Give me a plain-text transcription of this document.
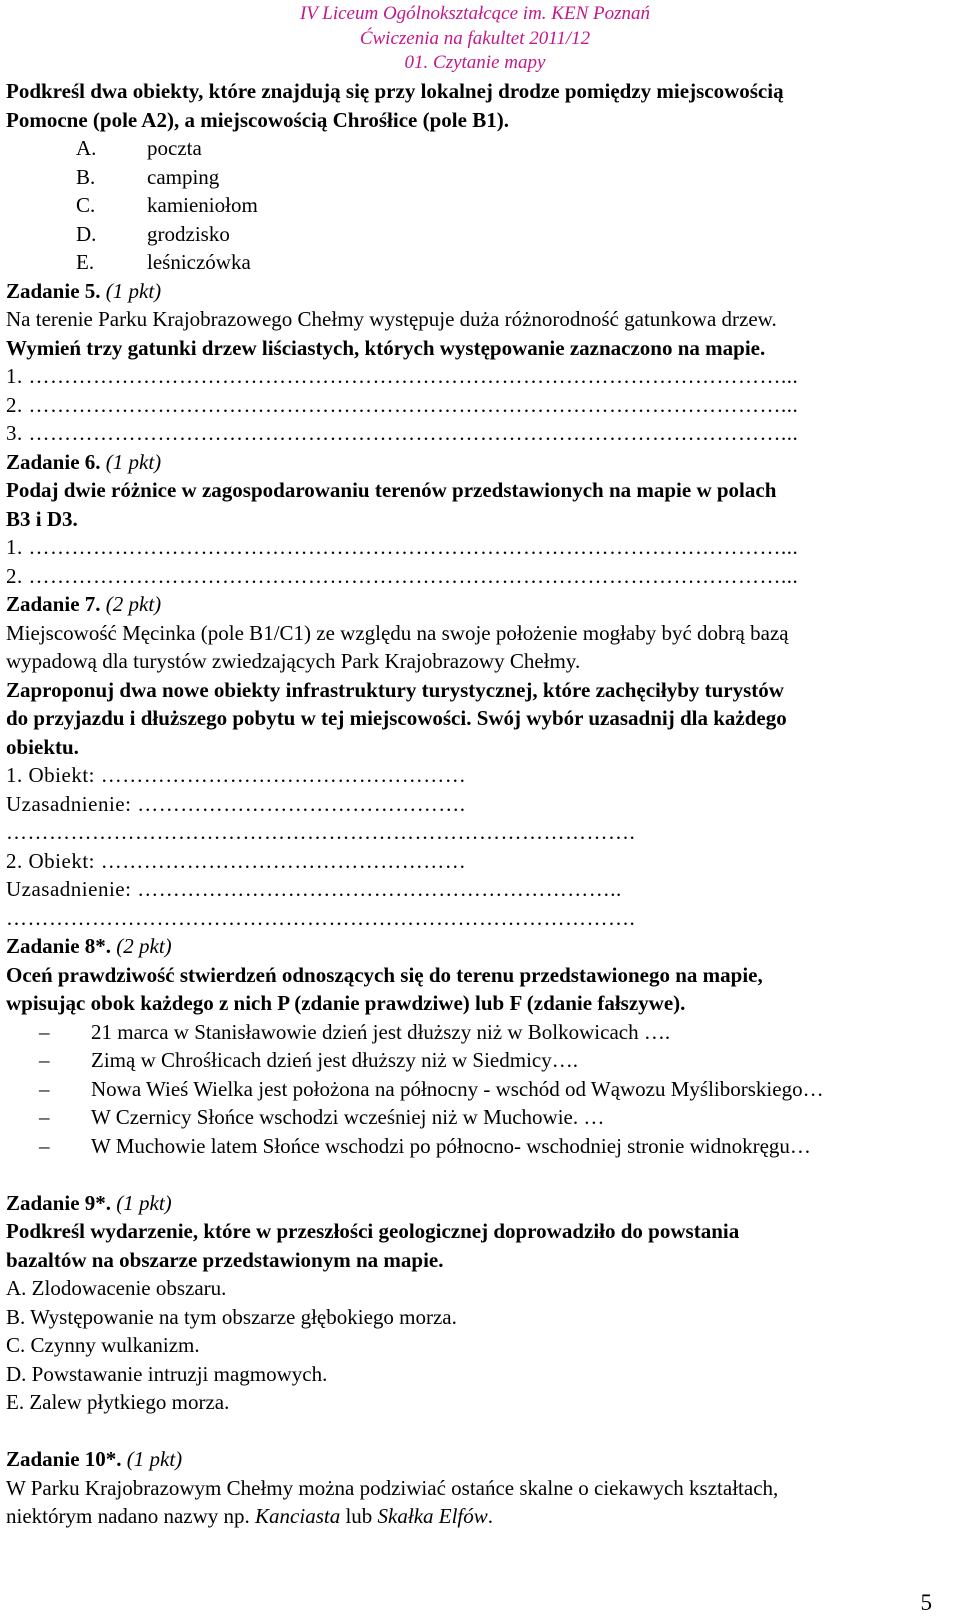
IV Liceum Ogólnokształcące im. KEN Poznań
Ćwiczenia na fakultet 2011/12
01. Czytanie mapy
Podkreśl dwa obiekty, które znajdują się przy lokalnej drodze pomiędzy miejscowością
Pomocne (pole A2), a miejscowością Chrośłice (pole B1).
A. poczta
B. camping
C. kamieniołom
D. grodzisko
E.	leśniczówka
Zadanie 5. (1 pkt)
Na terenie Parku Krajobrazowego Chełmy występuje duża różnorodność gatunkowa drzew.
Wymień trzy gatunki drzew liściastych, których występowanie zaznaczono na mapie.
1. ……………………………………………………………………………………………...
2. ……………………………………………………………………………………………...
3. ……………………………………………………………………………………………...
Zadanie 6. (1 pkt)
Podaj dwie różnice w zagospodarowaniu terenów przedstawionych na mapie w polach
B3 i D3.
1. ……………………………………………………………………………………………...
2. ……………………………………………………………………………………………...
Zadanie 7. (2 pkt)
Miejscowość Męcinka (pole B1/C1) ze względu na swoje położenie mogłaby być dobrą bazą
wypadową dla turystów zwiedzających Park Krajobrazowy Chełmy.
Zaproponuj dwa nowe obiekty infrastruktury turystycznej, które zachęciłyby turystów
do przyjazdu i dłuższego pobytu w tej miejscowości. Swój wybór uzasadnij dla każdego
obiektu.
1. Obiekt: ……………………………………………
Uzasadnienie: ……………………………………….
…………………………………………………………………………….
2. Obiekt: ……………………………………………
Uzasadnienie: …………………………………………………………..
…………………………………………………………………………….
Zadanie 8*. (2 pkt)
Oceń prawdziwość stwierdzeń odnoszących się do terenu przedstawionego na mapie,
wpisując obok każdego z nich P (zdanie prawdziwe) lub F (zdanie fałszywe).
– 21 marca w Stanisławowie dzień jest dłuższy niż w Bolkowicach ….
– Zimą w Chrośłicach dzień jest dłuższy niż w Siedmicy….
– Nowa Wieś Wielka jest położona na północny - wschód od Wąwozu Myśliborskiego…
– W Czernicy Słońce wschodzi wcześniej niż w Muchowie. …
– W Muchowie latem Słońce wschodzi po północno- wschodniej stronie widnokręgu…
Zadanie 9*. (1 pkt)
Podkreśl wydarzenie, które w przeszłości geologicznej doprowadziło do powstania
bazaltów na obszarze przedstawionym na mapie.
A. Zlodowacenie obszaru.
B. Występowanie na tym obszarze głębokiego morza.
C. Czynny wulkanizm.
D. Powstawanie intruzji magmowych.
E. Zalew płytkiego morza.
Zadanie 10*. (1 pkt)
W Parku Krajobrazowym Chełmy można podziwiać ostańce skalne o ciekawych kształtach,
niektórym nadano nazwy np. Kanciasta lub Skałka Elfów.
5
